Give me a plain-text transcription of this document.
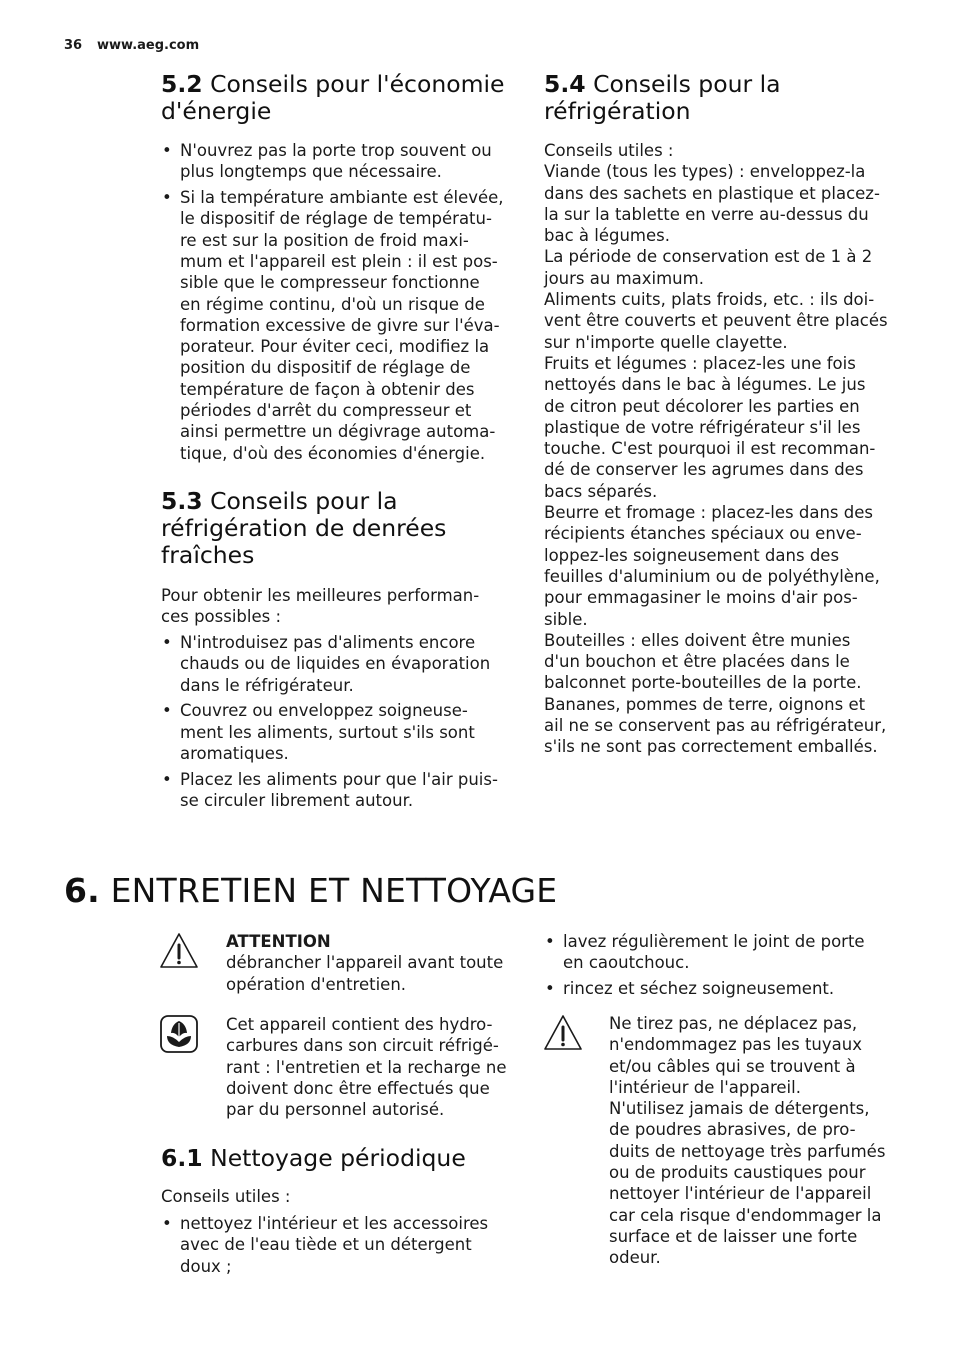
36 www.aeg.com
5.2 Conseils pour l'économie
d'énergie
• N'ouvrez pas la porte trop souvent ou
plus longtemps que nécessaire.
• Si la température ambiante est élevée,
le dispositif de réglage de températu-
re est sur la position de froid maxi-
mum et l'appareil est plein : il est pos-
sible que le compresseur fonctionne
en régime continu, d'où un risque de
formation excessive de givre sur l'éva-
porateur. Pour éviter ceci, modifiez la
position du dispositif de réglage de
température de façon à obtenir des
périodes d'arrêt du compresseur et
ainsi permettre un dégivrage automa-
tique, d'où des économies d'énergie.
5.3 Conseils pour la
réfrigération de denrées
fraîches

Pour obtenir les meilleures performan-
ces possibles :

• N'introduisez pas d'aliments encore
chauds ou de liquides en évaporation
dans le réfrigérateur.
• Couvrez ou enveloppez soigneuse-
ment les aliments, surtout s'ils sont
aromatiques.
• Placez les aliments pour que l'air puis-
se circuler librement autour.
5.4 Conseils pour la
réfrigération

Conseils utiles :
Viande (tous les types) : enveloppez-la
dans des sachets en plastique et placez-
la sur la tablette en verre au-dessus du
bac à légumes.
La période de conservation est de 1 à 2
jours au maximum.
Aliments cuits, plats froids, etc. : ils doi-
vent être couverts et peuvent être placés
sur n'importe quelle clayette.
Fruits et légumes : placez-les une fois
nettoyés dans le bac à légumes. Le jus
de citron peut décolorer les parties en
plastique de votre réfrigérateur s'il les
touche. C'est pourquoi il est recomman-
dé de conserver les agrumes dans des
bacs séparés.
Beurre et fromage : placez-les dans des
récipients étanches spéciaux ou enve-
loppez-les soigneusement dans des
feuilles d'aluminium ou de polyéthylène,
pour emmagasiner le moins d'air pos-
sible.
Bouteilles : elles doivent être munies
d'un bouchon et être placées dans le
balconnet porte-bouteilles de la porte.
Bananes, pommes de terre, oignons et
ail ne se conservent pas au réfrigérateur,
s'ils ne sont pas correctement emballés.

6. ENTRETIEN ET NETTOYAGE

ATTENTION
débrancher l'appareil avant toute
opération d'entretien.

Cet appareil contient des hydro-
carbures dans son circuit réfrigé-
rant : l'entretien et la recharge ne
doivent donc être effectués que
par du personnel autorisé.

6.1 Nettoyage périodique

Conseils utiles :

• nettoyez l'intérieur et les accessoires
avec de l'eau tiède et un détergent
doux ;
• lavez régulièrement le joint de porte
en caoutchouc.
• rincez et séchez soigneusement.

Ne tirez pas, ne déplacez pas,
n'endommagez pas les tuyaux
et/ou câbles qui se trouvent à
l'intérieur de l'appareil.
N'utilisez jamais de détergents,
de poudres abrasives, de pro-
duits de nettoyage très parfumés
ou de produits caustiques pour
nettoyer l'intérieur de l'appareil
car cela risque d'endommager la
surface et de laisser une forte
odeur.
